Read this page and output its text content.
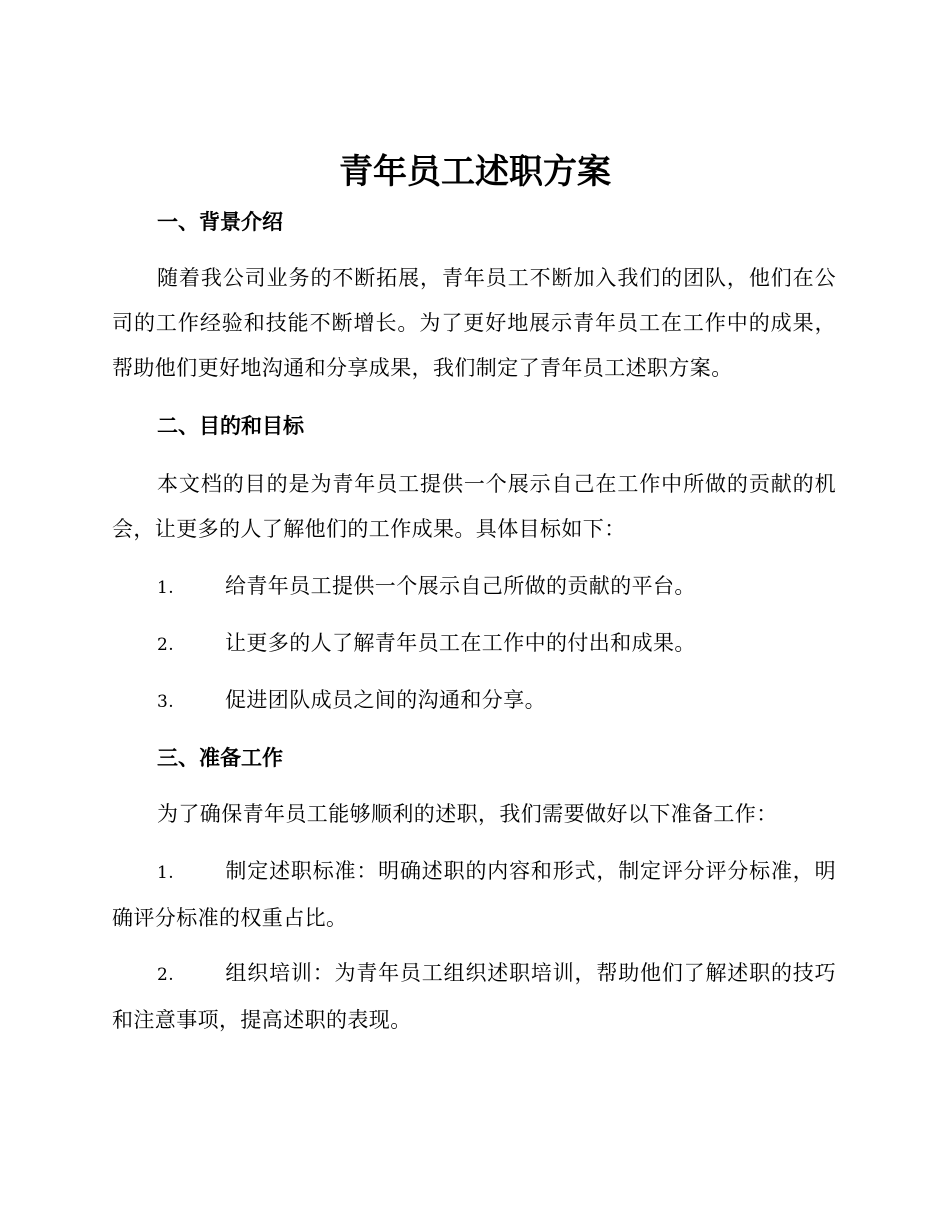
青年员工述职方案
一、背景介绍

随着我公司业务的不断拓展，青年员工不断加入我们的团队，他们在公司的工作经验和技能不断增长。为了更好地展示青年员工在工作中的成果，帮助他们更好地沟通和分享成果，我们制定了青年员工述职方案。

二、目的和目标

本文档的目的是为青年员工提供一个展示自己在工作中所做的贡献的机会，让更多的人了解他们的工作成果。具体目标如下：

1. 给青年员工提供一个展示自己所做的贡献的平台。

2. 让更多的人了解青年员工在工作中的付出和成果。

3. 促进团队成员之间的沟通和分享。

三、准备工作

为了确保青年员工能够顺利的述职，我们需要做好以下准备工作：

1. 制定述职标准：明确述职的内容和形式，制定评分评分标准，明确评分标准的权重占比。

2. 组织培训：为青年员工组织述职培训，帮助他们了解述职的技巧和注意事项，提高述职的表现。
